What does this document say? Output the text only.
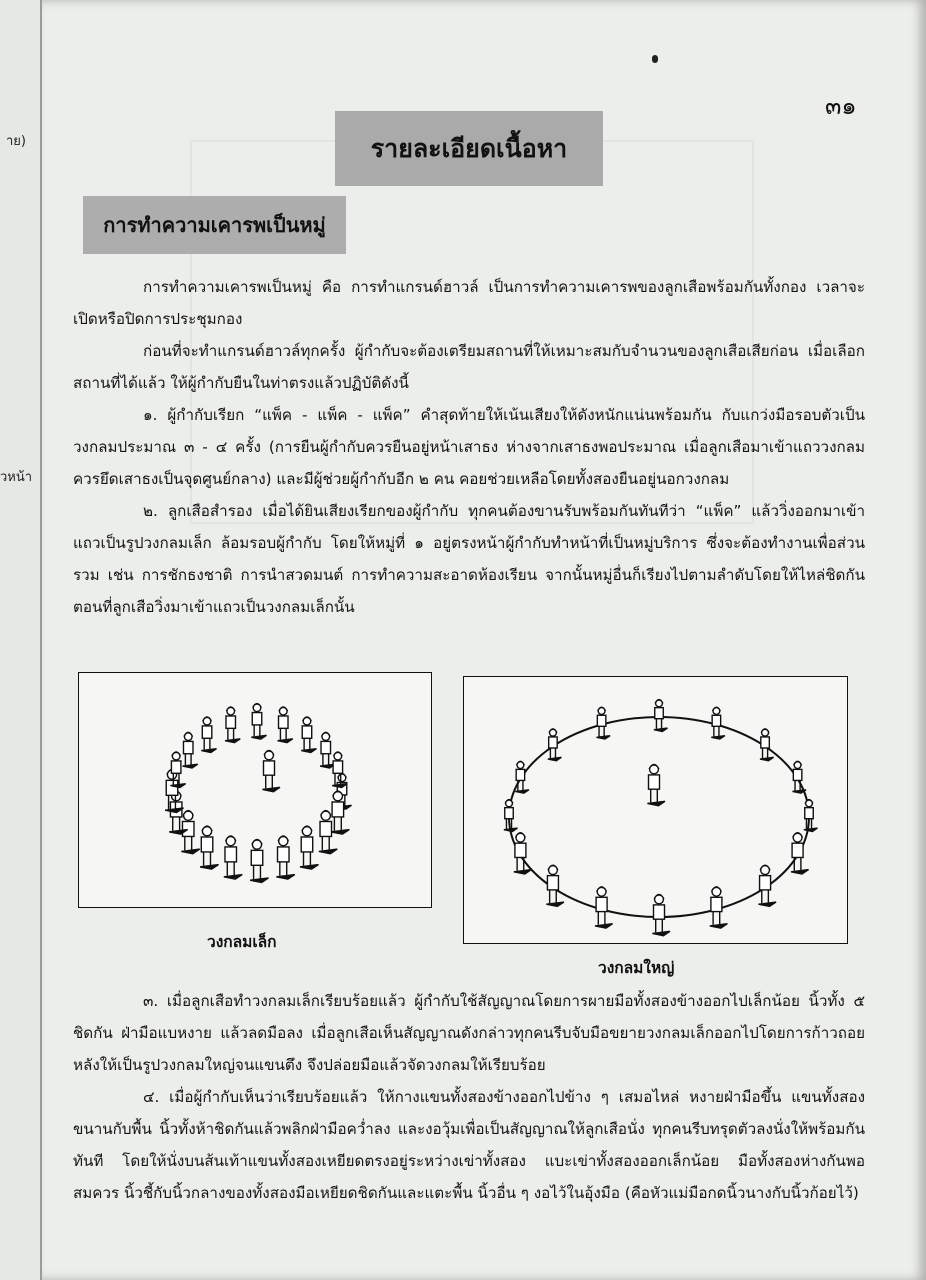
าย)
วหน้า
๓๑
รายละเอียดเนื้อหา
การทำความเคารพเป็นหมู่

การทำความเคารพเป็นหมู่ คือ การทำแกรนด์ฮาวล์ เป็นการทำความเคารพของลูกเสือพร้อมกันทั้งกอง เวลาจะเปิดหรือปิดการประชุมกอง

ก่อนที่จะทำแกรนด์ฮาวล์ทุกครั้ง ผู้กำกับจะต้องเตรียมสถานที่ให้เหมาะสมกับจำนวนของลูกเสือเสียก่อน เมื่อเลือกสถานที่ได้แล้ว ให้ผู้กำกับยืนในท่าตรงแล้วปฏิบัติดังนี้

๑. ผู้กำกับเรียก “แพ็ค - แพ็ค - แพ็ค” คำสุดท้ายให้เน้นเสียงให้ดังหนักแน่นพร้อมกัน กับแกว่งมือรอบตัวเป็นวงกลมประมาณ ๓ - ๔ ครั้ง (การยืนผู้กำกับควรยืนอยู่หน้าเสาธง ห่างจากเสาธงพอประมาณ เมื่อลูกเสือมาเข้าแถววงกลม ควรยึดเสาธงเป็นจุดศูนย์กลาง) และมีผู้ช่วยผู้กำกับอีก ๒ คน คอยช่วยเหลือโดยทั้งสองยืนอยู่นอกวงกลม

๒. ลูกเสือสำรอง เมื่อได้ยินเสียงเรียกของผู้กำกับ ทุกคนต้องขานรับพร้อมกันทันทีว่า “แพ็ค” แล้ววิ่งออกมาเข้าแถวเป็นรูปวงกลมเล็ก ล้อมรอบผู้กำกับ โดยให้หมู่ที่ ๑ อยู่ตรงหน้าผู้กำกับทำหน้าที่เป็นหมู่บริการ ซึ่งจะต้องทำงานเพื่อส่วนรวม เช่น การชักธงชาติ การนำสวดมนต์ การทำความสะอาดห้องเรียน จากนั้นหมู่อื่นก็เรียงไปตามลำดับโดยให้ไหล่ชิดกัน ตอนที่ลูกเสือวิ่งมาเข้าแถวเป็นวงกลมเล็กนั้น

วงกลมเล็ก
วงกลมใหญ่

๓. เมื่อลูกเสือทำวงกลมเล็กเรียบร้อยแล้ว ผู้กำกับใช้สัญญาณโดยการผายมือทั้งสองข้างออกไปเล็กน้อย นิ้วทั้ง ๕ ชิดกัน ฝ่ามือแบหงาย แล้วลดมือลง เมื่อลูกเสือเห็นสัญญาณดังกล่าวทุกคนรีบจับมือขยายวงกลมเล็กออกไปโดยการก้าวถอยหลังให้เป็นรูปวงกลมใหญ่จนแขนตึง จึงปล่อยมือแล้วจัดวงกลมให้เรียบร้อย

๔. เมื่อผู้กำกับเห็นว่าเรียบร้อยแล้ว ให้กางแขนทั้งสองข้างออกไปข้าง ๆ เสมอไหล่ หงายฝ่ามือขึ้น แขนทั้งสองขนานกับพื้น นิ้วทั้งห้าชิดกันแล้วพลิกฝ่ามือคว่ำลง และงอวุ้มเพื่อเป็นสัญญาณให้ลูกเสือนั่ง ทุกคนรีบทรุดตัวลงนั่งให้พร้อมกันทันที โดยให้นั่งบนส้นเท้าแขนทั้งสองเหยียดตรงอยู่ระหว่างเข่าทั้งสอง แบะเข่าทั้งสองออกเล็กน้อย มือทั้งสองห่างกันพอสมควร นิ้วชี้กับนิ้วกลางของทั้งสองมือเหยียดชิดกันและแตะพื้น นิ้วอื่น ๆ งอไว้ในอุ้งมือ (คือหัวแม่มือกดนิ้วนางกับนิ้วก้อยไว้)
